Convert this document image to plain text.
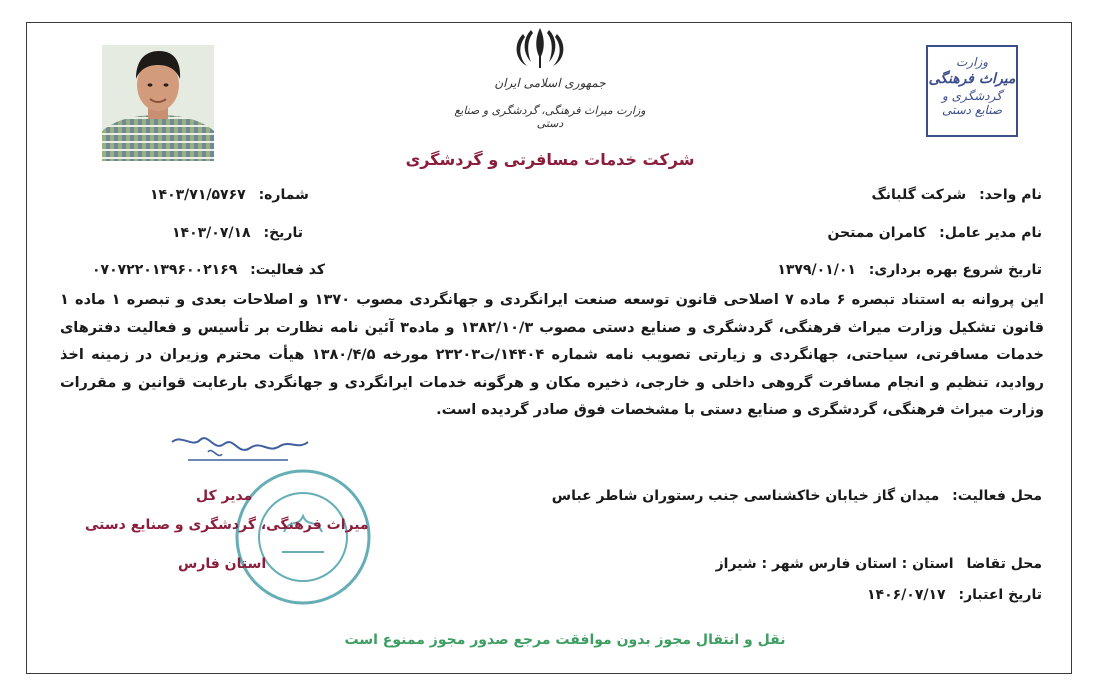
جمهوری اسلامی ایران
وزارت میراث فرهنگی، گردشگری و صنایع دستی
وزارت
میراث فرهنگی
گردشگری و صنایع دستی
شرکت خدمات مسافرتی و گردشگری
شماره: ۱۴۰۳/۷۱/۵۷۶۷
تاریخ: ۱۴۰۳/۰۷/۱۸
کد فعالیت: ۰۷۰۷۲۲۰۱۳۹۶۰۰۲۱۶۹
نام واحد: شرکت گلبانگ
نام مدیر عامل: کامران ممتحن
تاریخ شروع بهره برداری: ۱۳۷۹/۰۱/۰۱
این پروانه به استناد تبصره ۶ ماده ۷ اصلاحی قانون توسعه صنعت ایرانگردی و جهانگردی مصوب ۱۳۷۰ و اصلاحات بعدی و تبصره ۱ ماده ۱ قانون تشکیل وزارت میراث فرهنگی، گردشگری و صنایع دستی مصوب ۱۳۸۲/۱۰/۳ و ماده۳ آئین نامه نظارت بر تأسیس و فعالیت دفترهای خدمات مسافرتی، سیاحتی، جهانگردی و زیارتی تصویب نامه شماره ۱۴۴۰۴/ت۲۳۲۰۳ مورخه ۱۳۸۰/۴/۵ هیأت محترم وزیران در زمینه اخذ روادید، تنظیم و انجام مسافرت گروهی داخلی و خارجی، ذخیره مکان و هرگونه خدمات ایرانگردی و جهانگردی بارعایت قوانین و مقررات وزارت میراث فرهنگی، گردشگری و صنایع دستی با مشخصات فوق صادر گردیده است.
محل فعالیت: میدان گاز خیابان خاکشناسی جنب رستوران شاطر عباس
محل تقاضا استان : استان فارس شهر : شیراز
تاریخ اعتبار: ۱۴۰۶/۰۷/۱۷
مدیر کل
میراث فرهنگی، گردشگری و صنایع دستی
استان فارس
نقل و انتقال مجوز بدون موافقت مرجع صدور مجوز ممنوع است
